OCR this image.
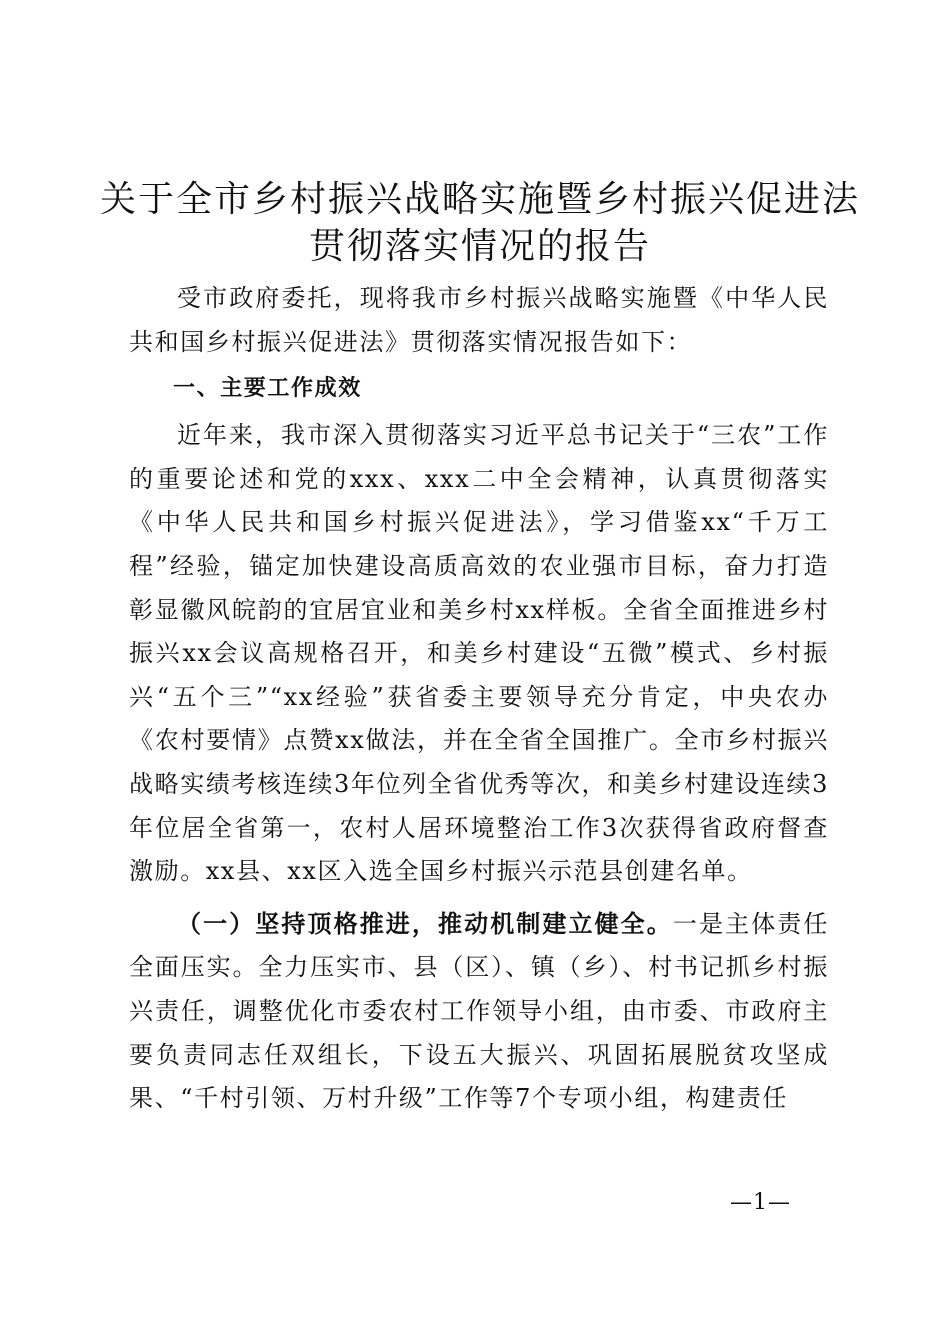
关于全市乡村振兴战略实施暨乡村振兴促进法
贯彻落实情况的报告

受市政府委托，现将我市乡村振兴战略实施暨《中华人民共和国乡村振兴促进法》贯彻落实情况报告如下：

一、主要工作成效

近年来，我市深入贯彻落实习近平总书记关于“三农”工作的重要论述和党的xxx、xxx二中全会精神，认真贯彻落实《中华人民共和国乡村振兴促进法》，学习借鉴xx“千万工程”经验，锚定加快建设高质高效的农业强市目标，奋力打造彰显徽风皖韵的宜居宜业和美乡村xx样板。全省全面推进乡村振兴xx会议高规格召开，和美乡村建设“五微”模式、乡村振兴“五个三”“xx经验”获省委主要领导充分肯定，中央农办《农村要情》点赞xx做法，并在全省全国推广。全市乡村振兴战略实绩考核连续3年位列全省优秀等次，和美乡村建设连续3年位居全省第一，农村人居环境整治工作3次获得省政府督查激励。xx县、xx区入选全国乡村振兴示范县创建名单。

（一）坚持顶格推进，推动机制建立健全。一是主体责任全面压实。全力压实市、县（区）、镇（乡）、村书记抓乡村振兴责任，调整优化市委农村工作领导小组，由市委、市政府主要负责同志任双组长，下设五大振兴、巩固拓展脱贫攻坚成果、“千村引领、万村升级”工作等7个专项小组，构建责任

—1—
